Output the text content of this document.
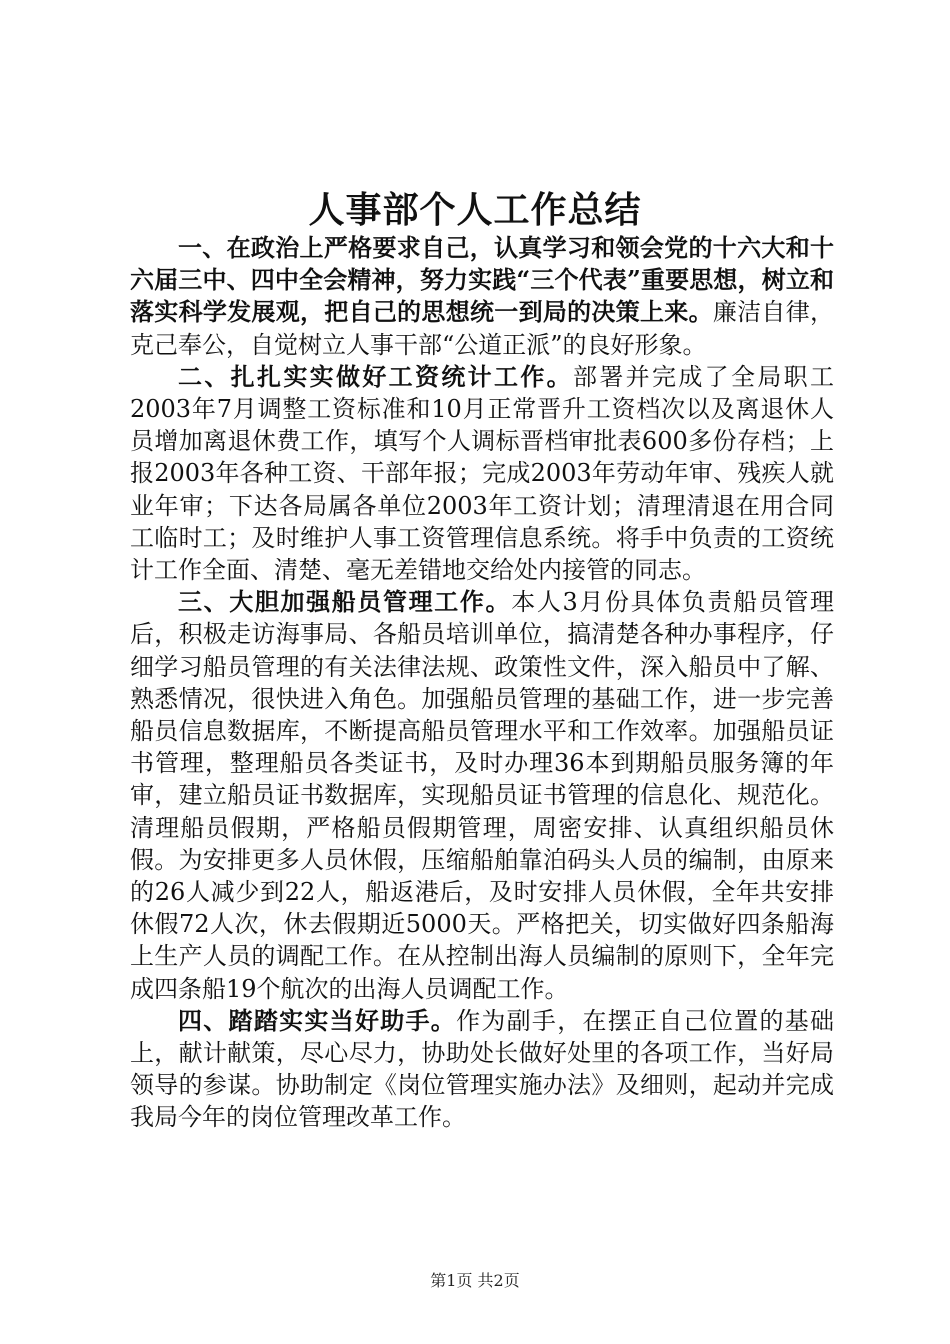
人事部个人工作总结

一、在政治上严格要求自己，认真学习和领会党的十六大和十六届三中、四中全会精神，努力实践“三个代表”重要思想，树立和落实科学发展观，把自己的思想统一到局的决策上来。廉洁自律，克己奉公，自觉树立人事干部“公道正派”的良好形象。

二、扎扎实实做好工资统计工作。部署并完成了全局职工2003年7月调整工资标准和10月正常晋升工资档次以及离退休人员增加离退休费工作，填写个人调标晋档审批表600多份存档；上报2003年各种工资、干部年报；完成2003年劳动年审、残疾人就业年审；下达各局属各单位2003年工资计划；清理清退在用合同工临时工；及时维护人事工资管理信息系统。将手中负责的工资统计工作全面、清楚、毫无差错地交给处内接管的同志。

三、大胆加强船员管理工作。本人3月份具体负责船员管理后，积极走访海事局、各船员培训单位，搞清楚各种办事程序，仔细学习船员管理的有关法律法规、政策性文件，深入船员中了解、熟悉情况，很快进入角色。加强船员管理的基础工作，进一步完善船员信息数据库，不断提高船员管理水平和工作效率。加强船员证书管理，整理船员各类证书，及时办理36本到期船员服务簿的年审，建立船员证书数据库，实现船员证书管理的信息化、规范化。清理船员假期，严格船员假期管理，周密安排、认真组织船员休假。为安排更多人员休假，压缩船舶靠泊码头人员的编制，由原来的26人减少到22人，船返港后，及时安排人员休假，全年共安排休假72人次，休去假期近5000天。严格把关，切实做好四条船海上生产人员的调配工作。在从控制出海人员编制的原则下，全年完成四条船19个航次的出海人员调配工作。

四、踏踏实实当好助手。作为副手，在摆正自己位置的基础上，献计献策，尽心尽力，协助处长做好处里的各项工作，当好局领导的参谋。协助制定《岗位管理实施办法》及细则，起动并完成我局今年的岗位管理改革工作。

第1页 共2页
